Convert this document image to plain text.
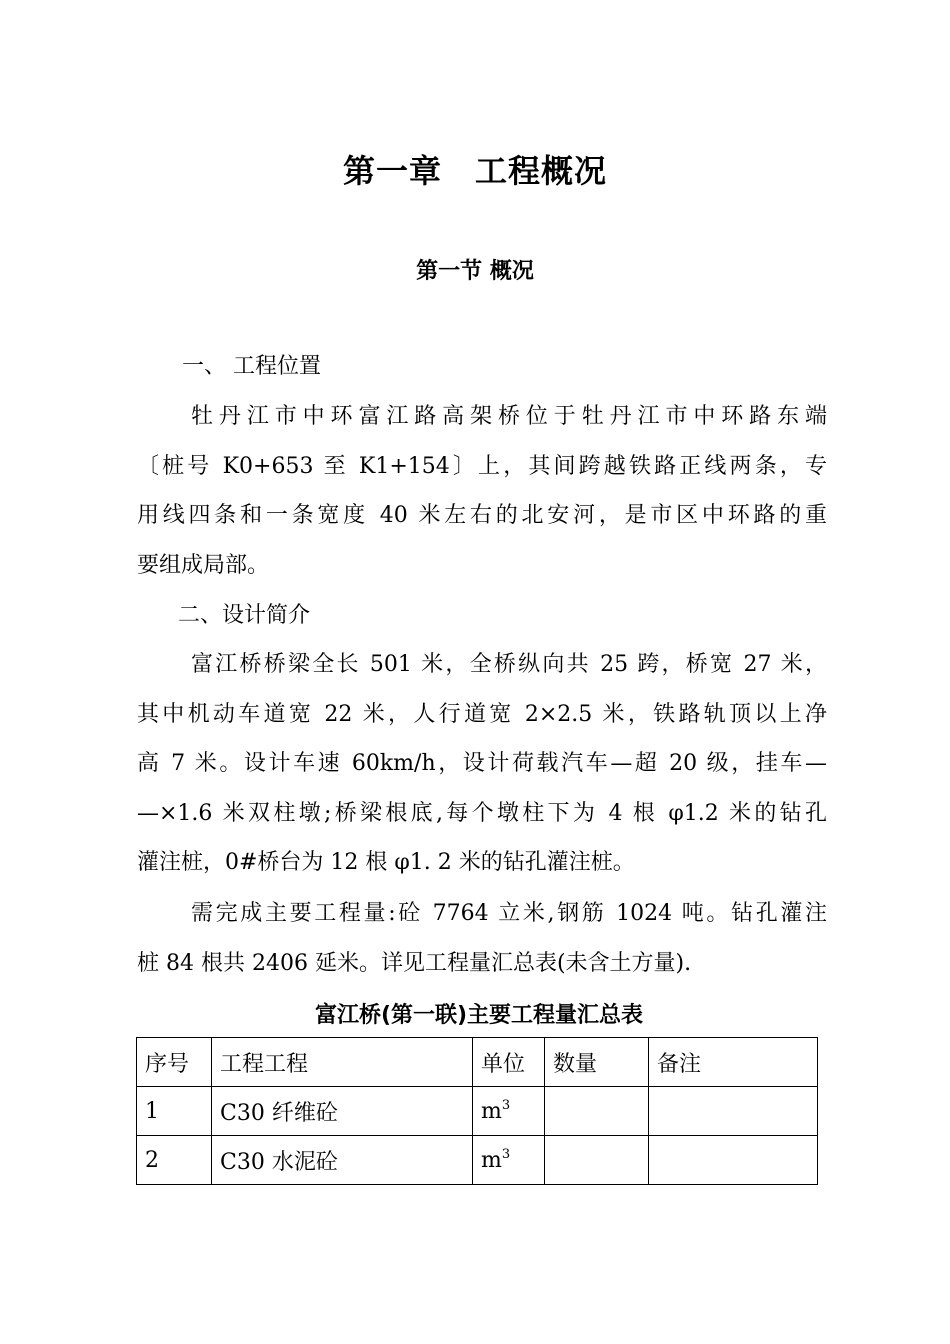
第一章　工程概况
第一节 概况
一、 工程位置
牡丹江市中环富江路高架桥位于牡丹江市中环路东端
〔桩号 K0+653 至 K1+154〕上，其间跨越铁路正线两条，专
用线四条和一条宽度 40 米左右的北安河，是市区中环路的重
要组成局部。
二、设计简介
富江桥桥梁全长 501 米，全桥纵向共 25 跨，桥宽 27 米，
其中机动车道宽 22 米，人行道宽 2×2.5 米，铁路轨顶以上净
高 7 米。设计车速 60km/h，设计荷载汽车—超 20 级，挂车—
—×1.6 米双柱墩;桥梁根底,每个墩柱下为 4 根 φ1.2 米的钻孔
灌注桩，0#桥台为 12 根 φ1. 2 米的钻孔灌注桩。
需完成主要工程量:砼 7764 立米,钢筋 1024 吨。钻孔灌注
桩 84 根共 2406 延米。详见工程量汇总表(未含土方量).
富江桥(第一联)主要工程量汇总表
序号	工程工程	单位	数量	备注
1	C30 纤维砼	$m^3$		
2	C30 水泥砼	$m^3$		
